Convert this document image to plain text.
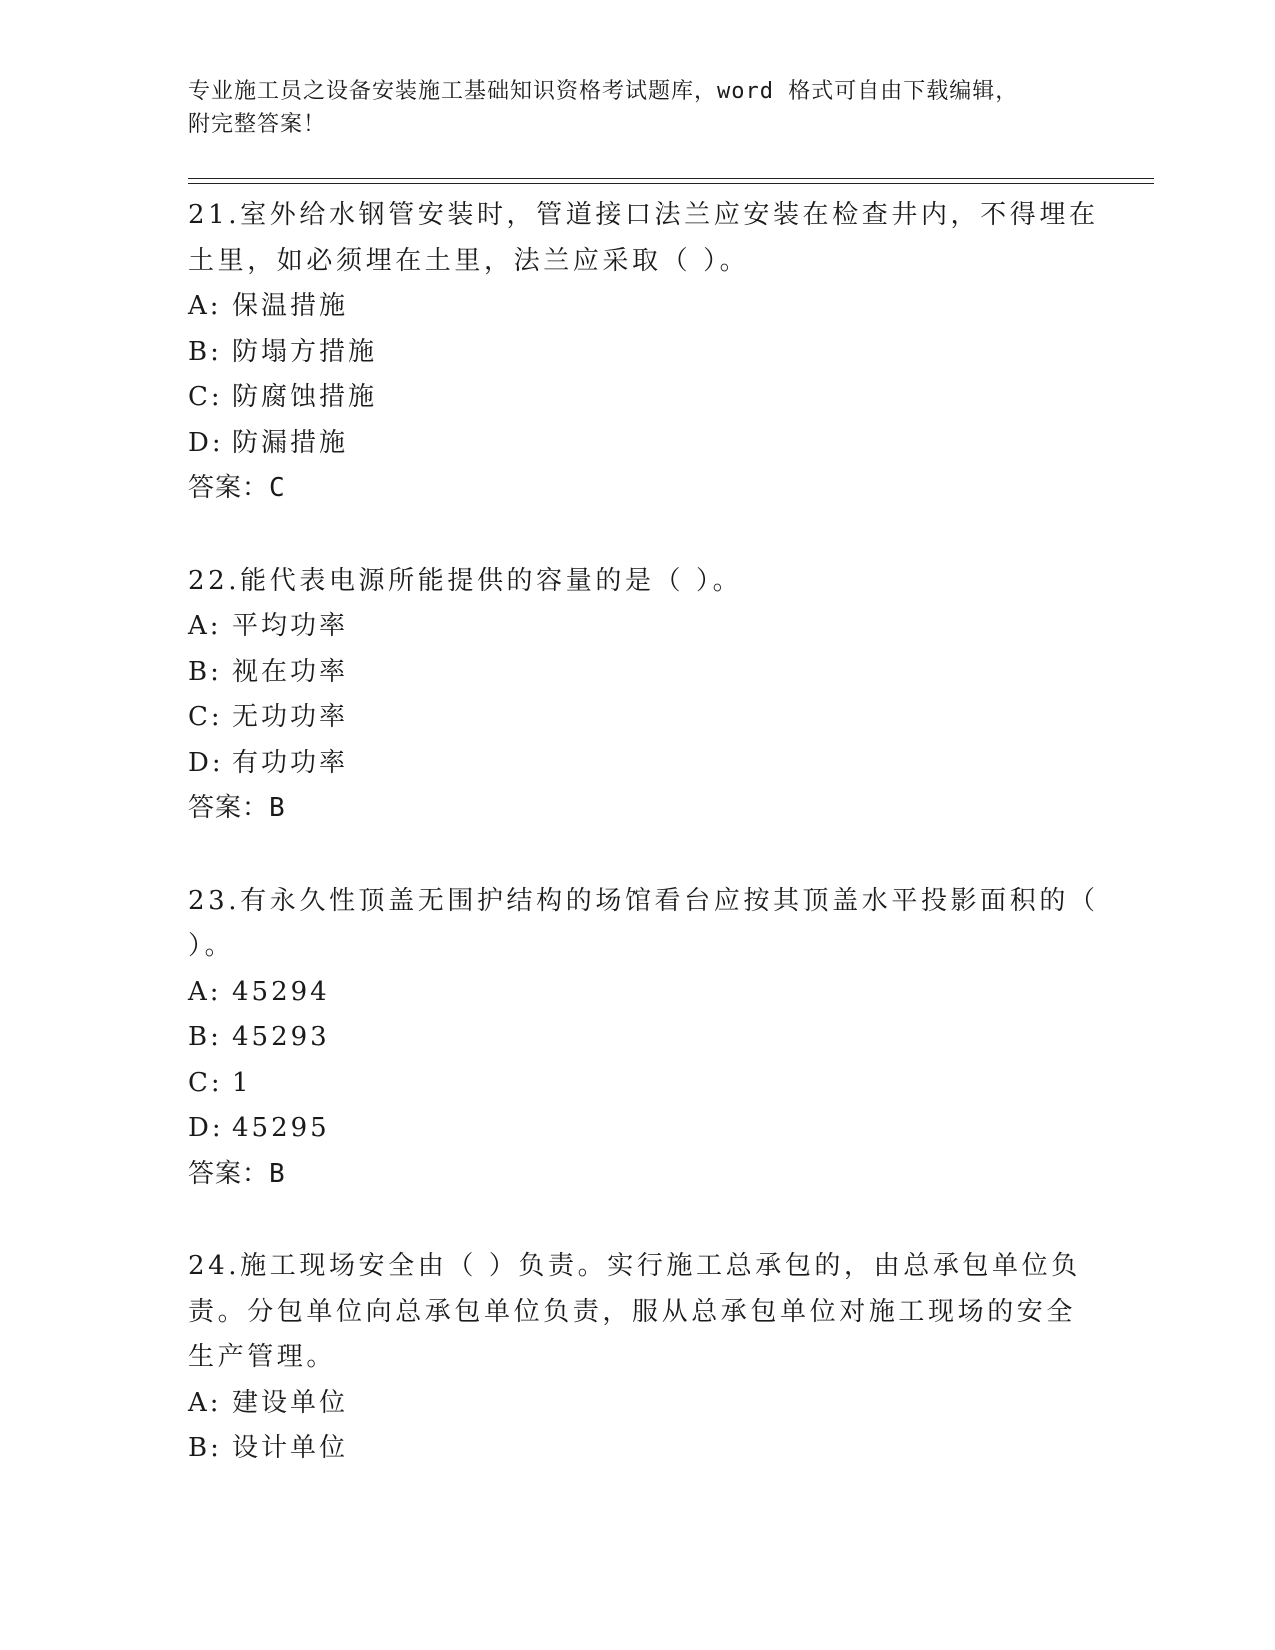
专业施工员之设备安装施工基础知识资格考试题库，word 格式可自由下载编辑，
附完整答案！
21.室外给水钢管安装时，管道接口法兰应安装在检查井内，不得埋在
土里，如必须埋在土里，法兰应采取（ ）。
A: 保温措施
B: 防塌方措施
C: 防腐蚀措施
D: 防漏措施
答案：C
22.能代表电源所能提供的容量的是（ ）。
A: 平均功率
B: 视在功率
C: 无功功率
D: 有功功率
答案：B
23.有永久性顶盖无围护结构的场馆看台应按其顶盖水平投影面积的（
）。
A: 45294
B: 45293
C: 1
D: 45295
答案：B
24.施工现场安全由（ ）负责。实行施工总承包的，由总承包单位负
责。分包单位向总承包单位负责，服从总承包单位对施工现场的安全
生产管理。
A: 建设单位
B: 设计单位
